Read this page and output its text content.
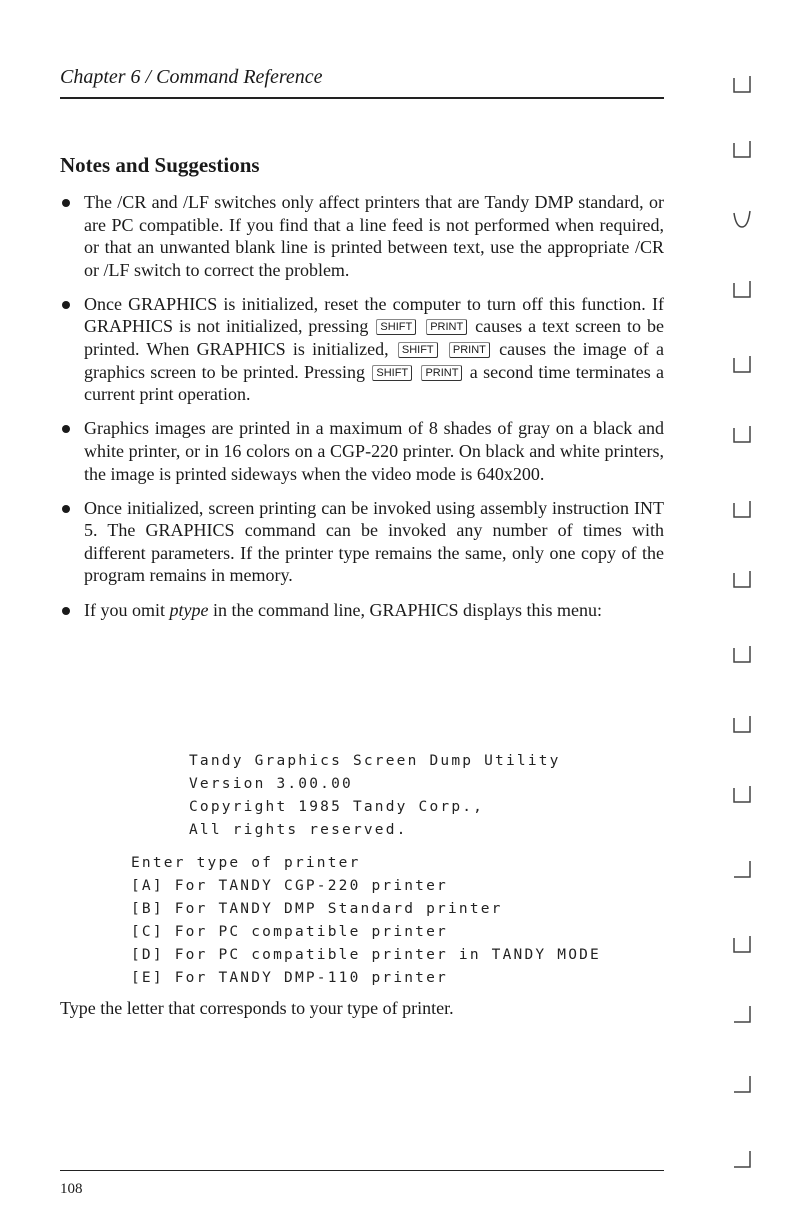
Chapter 6 / Command Reference
Notes and Suggestions
The /CR and /LF switches only affect printers that are Tandy DMP standard, or are PC compatible. If you find that a line feed is not performed when required, or that an unwanted blank line is printed between text, use the appropriate /CR or /LF switch to correct the problem.
Once GRAPHICS is initialized, reset the computer to turn off this function. If GRAPHICS is not initialized, pressing SHIFT PRINT causes a text screen to be printed. When GRAPHICS is initialized, SHIFT PRINT causes the image of a graphics screen to be printed. Pressing SHIFT PRINT a second time terminates a current print operation.
Graphics images are printed in a maximum of 8 shades of gray on a black and white printer, or in 16 colors on a CGP-220 printer. On black and white printers, the image is printed sideways when the video mode is 640x200.
Once initialized, screen printing can be invoked using assembly instruction INT 5. The GRAPHICS command can be invoked any number of times with different parameters. If the printer type remains the same, only one copy of the program remains in memory.
If you omit ptype in the command line, GRAPHICS displays this menu:
Tandy Graphics Screen Dump Utility
Version 3.00.00
Copyright 1985 Tandy Corp.,
All rights reserved.
Enter type of printer
[A] For TANDY CGP-220 printer
[B] For TANDY DMP Standard printer
[C] For PC compatible printer
[D] For PC compatible printer in TANDY MODE
[E] For TANDY DMP-110 printer
Type the letter that corresponds to your type of printer.
108
